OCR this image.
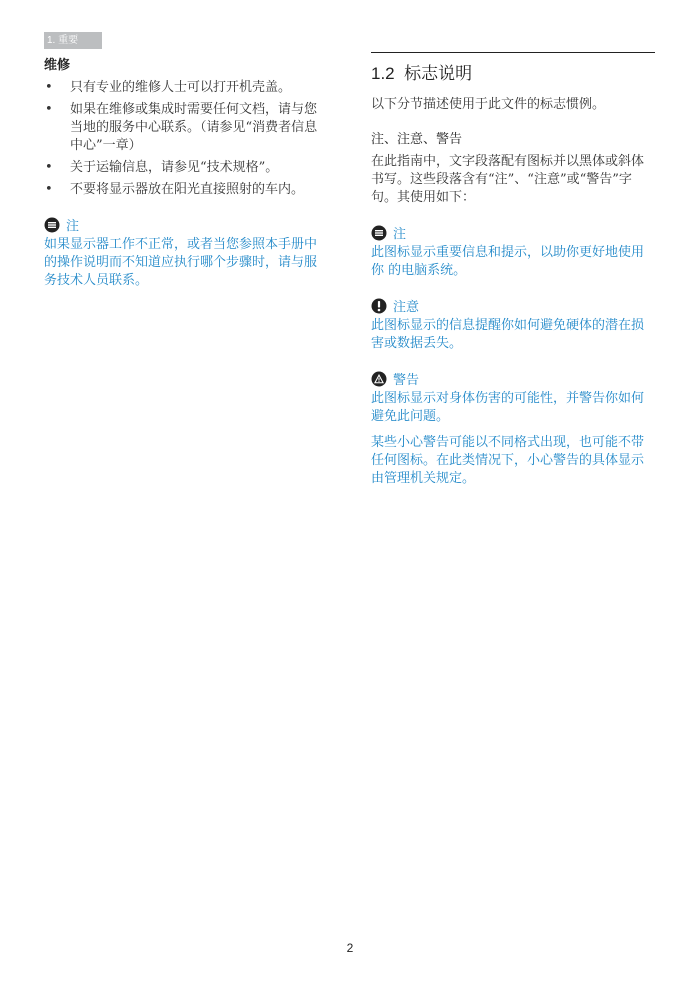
1. 重要
维修
• 只有专业的维修人士可以打开机壳盖。
• 如果在维修或集成时需要任何文档，请与您当地的服务中心联系。（请参见“消费者信息中心”一章）
• 关于运输信息，请参见“技术规格”。
• 不要将显示器放在阳光直接照射的车内。
注
如果显示器工作不正常，或者当您参照本手册中的操作说明而不知道应执行哪个步骤时，请与服务技术人员联系。
1.2 标志说明
以下分节描述使用于此文件的标志惯例。
注、注意、警告
在此指南中，文字段落配有图标并以黑体或斜体书写。这些段落含有“注”、“注意”或“警告”字句。其使用如下：
注
此图标显示重要信息和提示，以助你更好地使用你 的电脑系统。
注意
此图标显示的信息提醒你如何避免硬体的潜在损害或数据丢失。
警告
此图标显示对身体伤害的可能性，并警告你如何避免此问题。
某些小心警告可能以不同格式出现，也可能不带任何图标。在此类情况下，小心警告的具体显示由管理机关规定。
2
